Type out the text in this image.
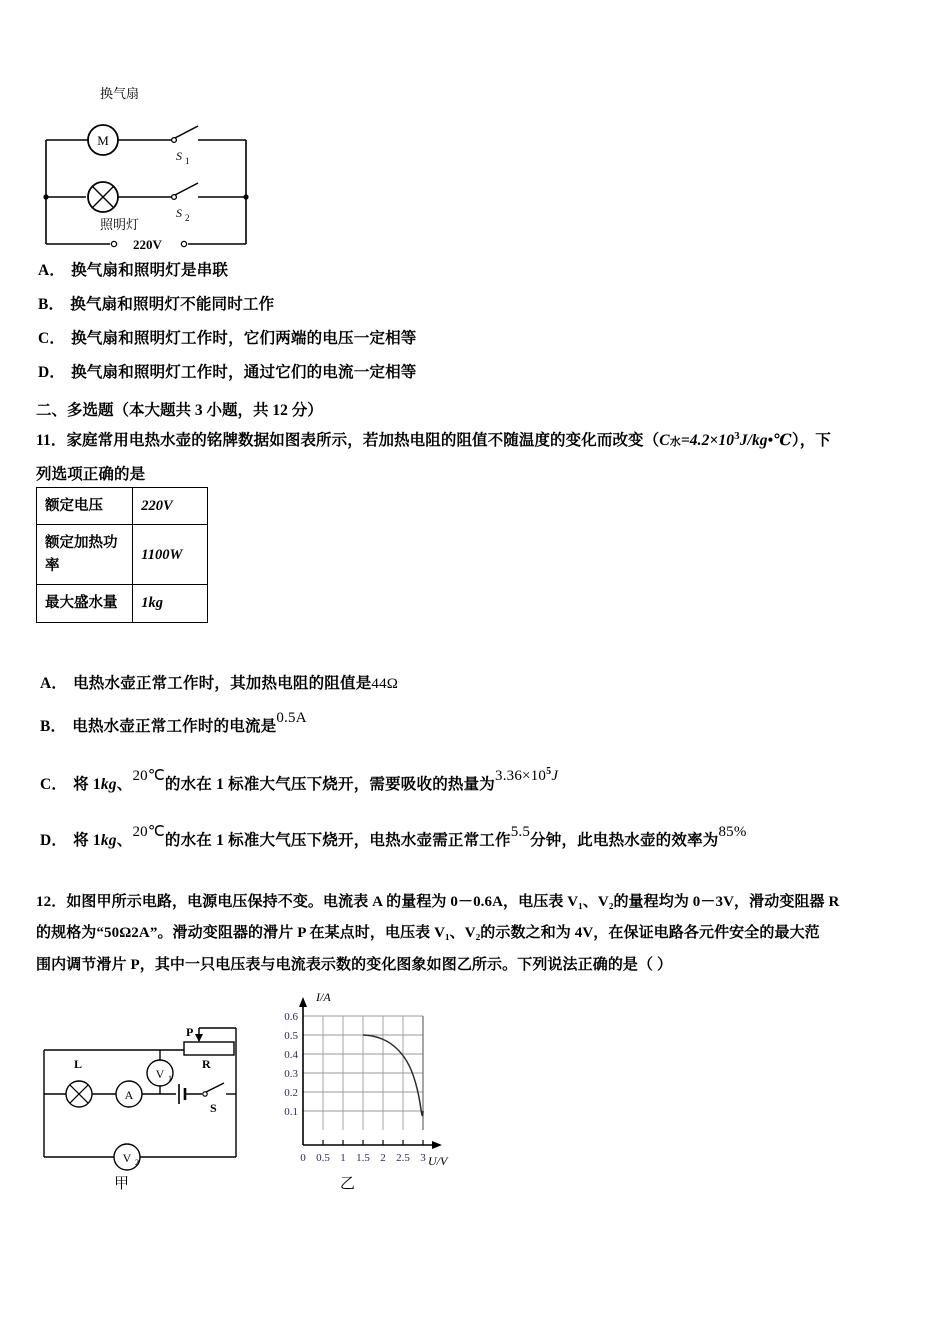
换气扇
M
S 1
S 2
照明灯
220V
A． 换气扇和照明灯是串联
B． 换气扇和照明灯不能同时工作
C． 换气扇和照明灯工作时，它们两端的电压一定相等
D． 换气扇和照明灯工作时，通过它们的电流一定相等
二、多选题（本大题共 3 小题，共 12 分）
11．家庭常用电热水壶的铭牌数据如图表所示，若加热电阻的阻值不随温度的变化而改变（C水$=4.2\times 10^3J/kg•℃$），下
列选项正确的是
额定电压	220V
额定加热功率	1100W
最大盛水量	1kg
A． 电热水壶正常工作时，其加热电阻的阻值是44Ω
B． 电热水壶正常工作时的电流是0.5A
C． 将 1kg、20℃的水在 1 标准大气压下烧开，需要吸收的热量为$3.36\times 10^5J$
D． 将 1kg、20℃的水在 1 标准大气压下烧开，电热水壶需正常工作5.5分钟，此电热水壶的效率为85%
12．如图甲所示电路，电源电压保持不变。电流表 A 的量程为 0－0.6A，电压表 V₁、V₂的量程均为 0－3V，滑动变阻器 R
的规格为“50Ω2A”。滑动变阻器的滑片 P 在某点时，电压表 V₁、V₂的示数之和为 4V，在保证电路各元件安全的最大范
围内调节滑片 P，其中一只电压表与电流表示数的变化图象如图乙所示。下列说法正确的是（ ）
P
R
V 1
L
A
S
V 2
甲
I/A
U/V
0.6
0.5
0.4
0.3
0.2
0.1
0 0.5 1 1.5 2 2.5 3
乙
